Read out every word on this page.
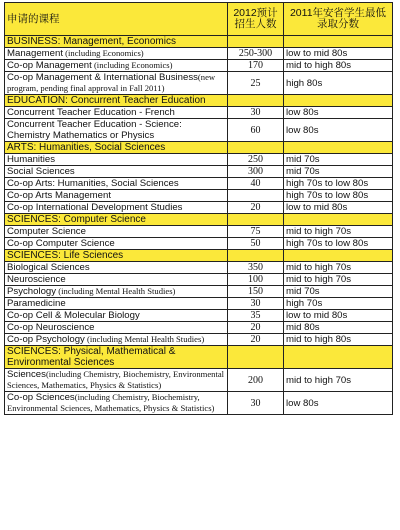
申请的课程	2012预计招生人数	2011年安省学生最低录取分数
BUSINESS: Management, Economics		
Management (including Economics)	250-300	low to mid 80s
Co-op Management (including Economics)	170	mid to high 80s
Co-op Management & International Business(new program, pending final approval in Fall 2011)	25	high 80s
EDUCATION: Concurrent Teacher Education		
Concurrent Teacher Education - French	30	low 80s
Concurrent Teacher Education - Science: Chemistry Mathematics or Physics	60	low 80s
ARTS: Humanities, Social Sciences		
Humanities	250	mid 70s
Social Sciences	300	mid 70s
Co-op Arts: Humanities, Social Sciences	40	high 70s to low 80s
Co-op Arts Management		high 70s to low 80s
Co-op International Development Studies	20	low to mid 80s
SCIENCES: Computer Science		
Computer Science	75	mid to high 70s
Co-op Computer Science	50	high 70s to low 80s
SCIENCES: Life Sciences		
Biological Sciences	350	mid to high 70s
Neuroscience	100	mid to high 70s
Psychology (including Mental Health Studies)	150	mid 70s
Paramedicine	30	high 70s
Co-op Cell & Molecular Biology	35	low to mid 80s
Co-op Neuroscience	20	mid 80s
Co-op Psychology (including Mental Health Studies)	20	mid to high 80s
SCIENCES: Physical, Mathematical & Environmental Sciences		
Sciences(including Chemistry, Biochemistry, Environmental Sciences, Mathematics, Physics & Statistics)	200	mid to high 70s
Co-op Sciences(including Chemistry, Biochemistry, Environmental Sciences, Mathematics, Physics & Statistics)	30	low 80s
